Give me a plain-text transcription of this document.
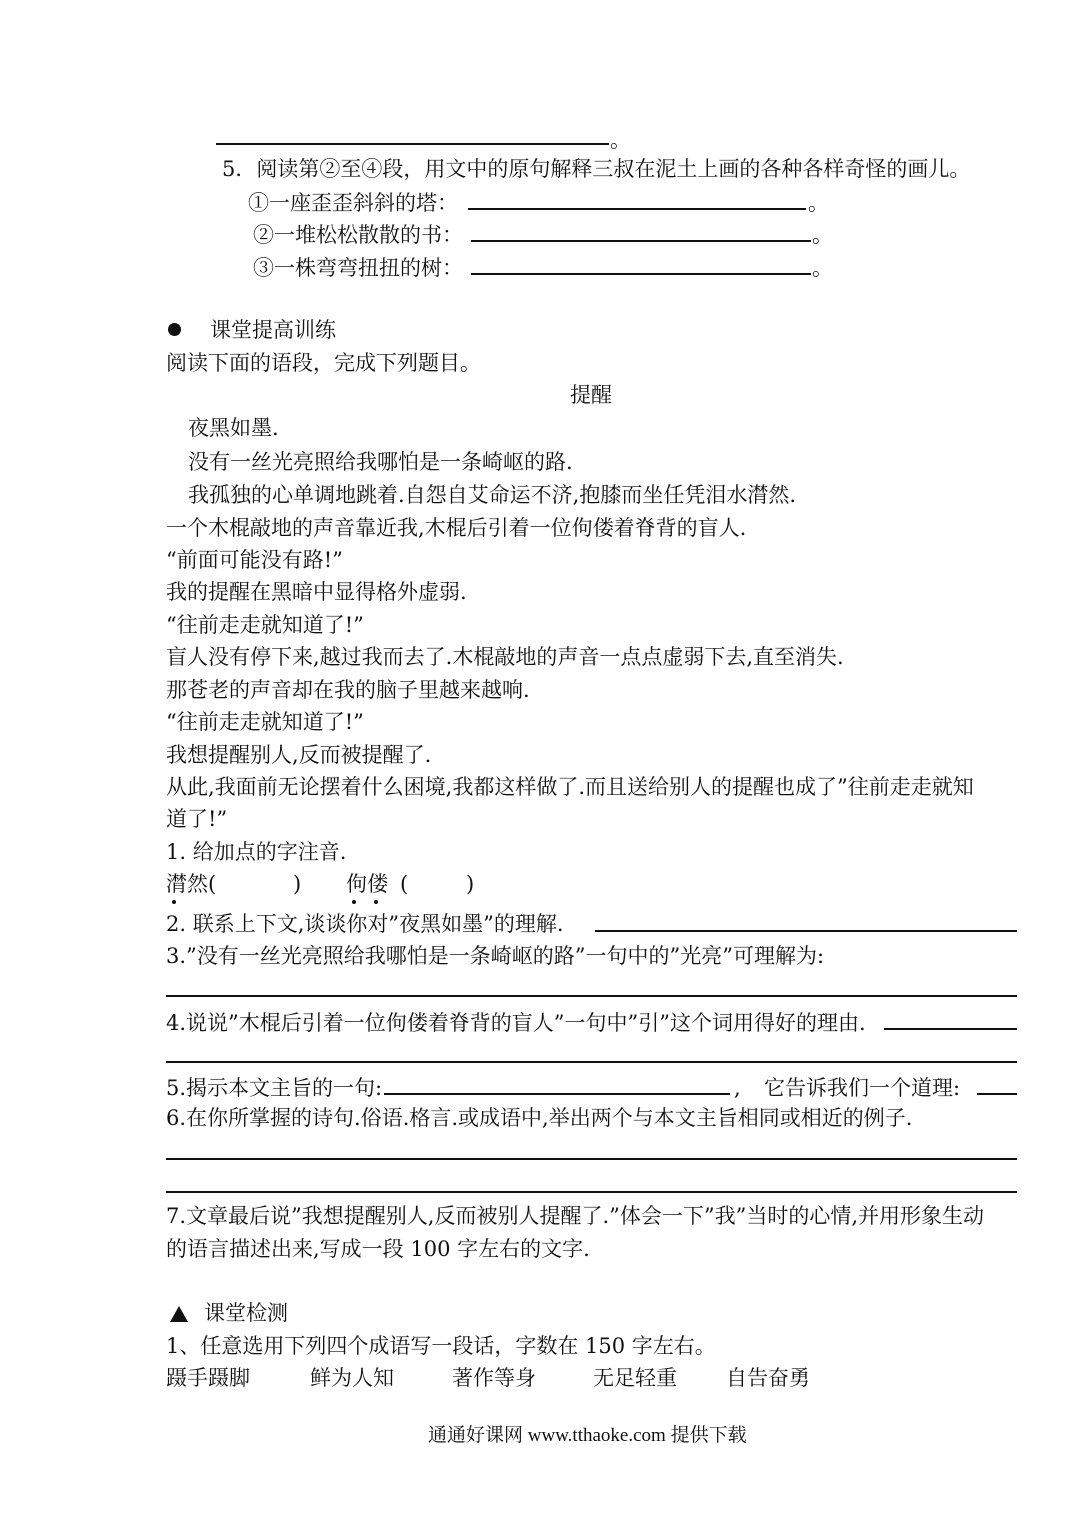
。
5．阅读第②至④段，用文中的原句解释三叔在泥土上画的各种各样奇怪的画儿。
①一座歪歪斜斜的塔：	。
②一堆松松散散的书：	。
③一株弯弯扭扭的树：	。
课堂提高训练
阅读下面的语段，完成下列题目。
提醒
夜黑如墨.
没有一丝光亮照给我哪怕是一条崎岖的路.
我孤独的心单调地跳着.自怨自艾命运不济,抱膝而坐任凭泪水潸然.
一个木棍敲地的声音靠近我,木棍后引着一位佝偻着脊背的盲人.
“前面可能没有路!”
我的提醒在黑暗中显得格外虚弱.
“往前走走就知道了!”
盲人没有停下来,越过我而去了.木棍敲地的声音一点点虚弱下去,直至消失.
那苍老的声音却在我的脑子里越来越响.
“往前走走就知道了!”
我想提醒别人,反而被提醒了.
从此,我面前无论摆着什么困境,我都这样做了.而且送给别人的提醒也成了”往前走走就知
道了!”
1. 给加点的字注音.
潸然(	) 佝偻 (	)
2. 联系上下文,谈谈你对”夜黑如墨”的理解.
3.”没有一丝光亮照给我哪怕是一条崎岖的路”一句中的”光亮”可理解为:
4.说说”木棍后引着一位佝偻着脊背的盲人”一句中”引”这个词用得好的理由.
5.揭示本文主旨的一句:	, 它告诉我们一个道理:
6.在你所掌握的诗句.俗语.格言.或成语中,举出两个与本文主旨相同或相近的例子.
7.文章最后说”我想提醒别人,反而被别人提醒了.”体会一下”我”当时的心情,并用形象生动
的语言描述出来,写成一段 100 字左右的文字.
课堂检测
1、任意选用下列四个成语写一段话，字数在 150 字左右。
蹑手蹑脚	鲜为人知	著作等身	无足轻重 自告奋勇
通通好课网 www.tthaoke.com 提供下载
